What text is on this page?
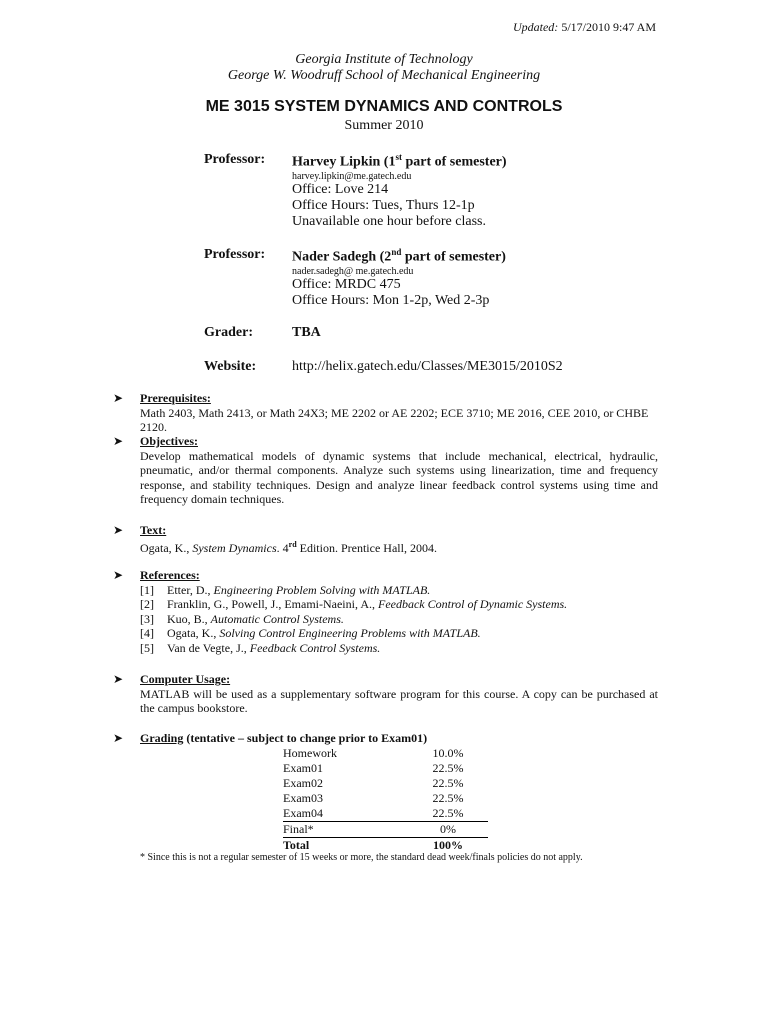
Updated: 5/17/2010 9:47 AM
Georgia Institute of Technology
George W. Woodruff School of Mechanical Engineering
ME 3015 SYSTEM DYNAMICS AND CONTROLS
Summer 2010
Professor: Harvey Lipkin (1st part of semester)
harvey.lipkin@me.gatech.edu
Office: Love 214
Office Hours: Tues, Thurs 12-1p
Unavailable one hour before class.
Professor: Nader Sadegh (2nd part of semester)
nader.sadegh@ me.gatech.edu
Office: MRDC 475
Office Hours: Mon 1-2p, Wed 2-3p
Grader:	TBA
Website:	http://helix.gatech.edu/Classes/ME3015/2010S2
➤ Prerequisites:
Math 2403, Math 2413, or Math 24X3; ME 2202 or AE 2202; ECE 3710; ME 2016, CEE 2010, or CHBE 2120.
➤ Objectives:
Develop mathematical models of dynamic systems that include mechanical, electrical, hydraulic, pneumatic, and/or thermal components. Analyze such systems using linearization, time and frequency response, and stability techniques. Design and analyze linear feedback control systems using time and frequency domain techniques.
➤ Text:
Ogata, K., System Dynamics. 4rd Edition. Prentice Hall, 2004.
➤ References:
[1]	Etter, D., Engineering Problem Solving with MATLAB.
[2]	Franklin, G., Powell, J., Emami-Naeini, A., Feedback Control of Dynamic Systems.
[3]	Kuo, B., Automatic Control Systems.
[4]	Ogata, K., Solving Control Engineering Problems with MATLAB.
[5]	Van de Vegte, J., Feedback Control Systems.
➤ Computer Usage:
MATLAB will be used as a supplementary software program for this course. A copy can be purchased at the campus bookstore.
➤ Grading (tentative – subject to change prior to Exam01)
Homework	10.0%
Exam01	22.5%
Exam02	22.5%
Exam03	22.5%
Exam04	22.5%
Final*	0%
Total	100%
* Since this is not a regular semester of 15 weeks or more, the standard dead week/finals policies do not apply.
